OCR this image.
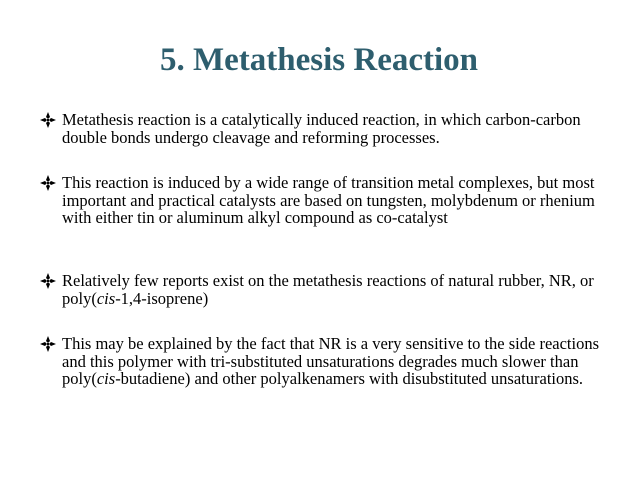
5. Metathesis Reaction

Metathesis reaction is a catalytically induced reaction, in which carbon-carbon double bonds undergo cleavage and reforming processes.

This reaction is induced by a wide range of transition metal complexes, but most important and practical catalysts are based on tungsten, molybdenum or rhenium with either tin or aluminum alkyl compound as co-catalyst

Relatively few reports exist on the metathesis reactions of natural rubber, NR, or poly(cis-1,4-isoprene)

This may be explained by the fact that NR is a very sensitive to the side reactions and this polymer with tri-substituted unsaturations degrades much slower than poly(cis-butadiene) and other polyalkenamers with disubstituted unsaturations.
